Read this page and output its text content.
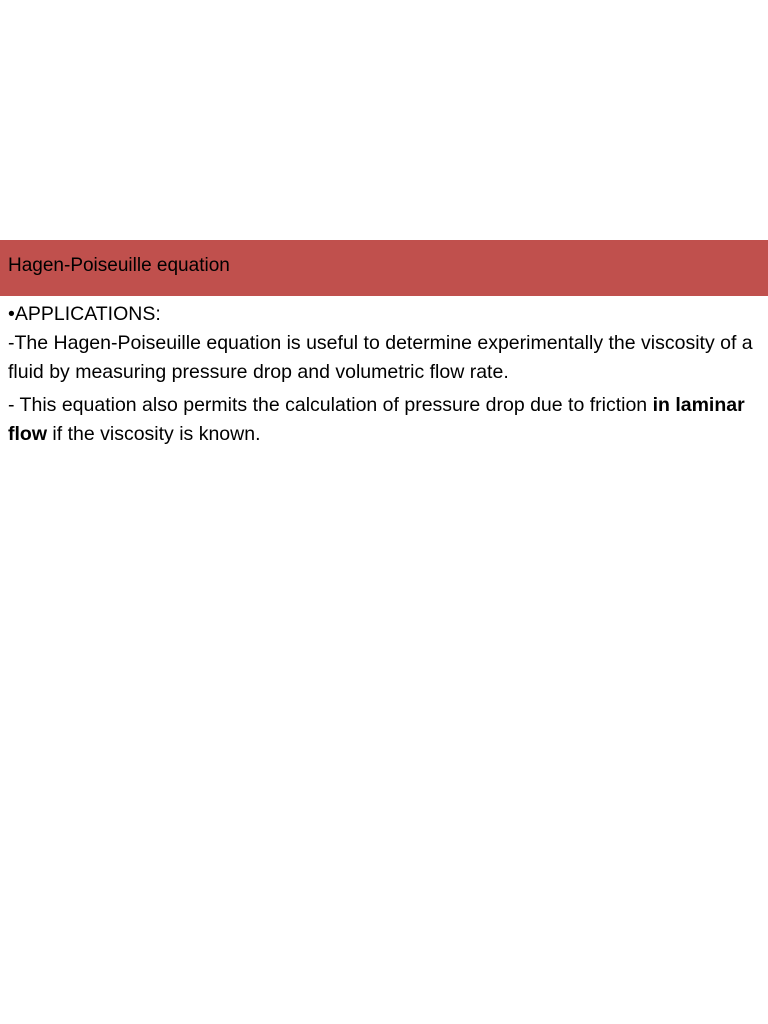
Hagen-Poiseuille equation

•APPLICATIONS:

-The Hagen-Poiseuille equation is useful to determine experimentally the viscosity of a fluid by measuring pressure drop and volumetric flow rate.

- This equation also permits the calculation of pressure drop due to friction in laminar flow if the viscosity is known.
